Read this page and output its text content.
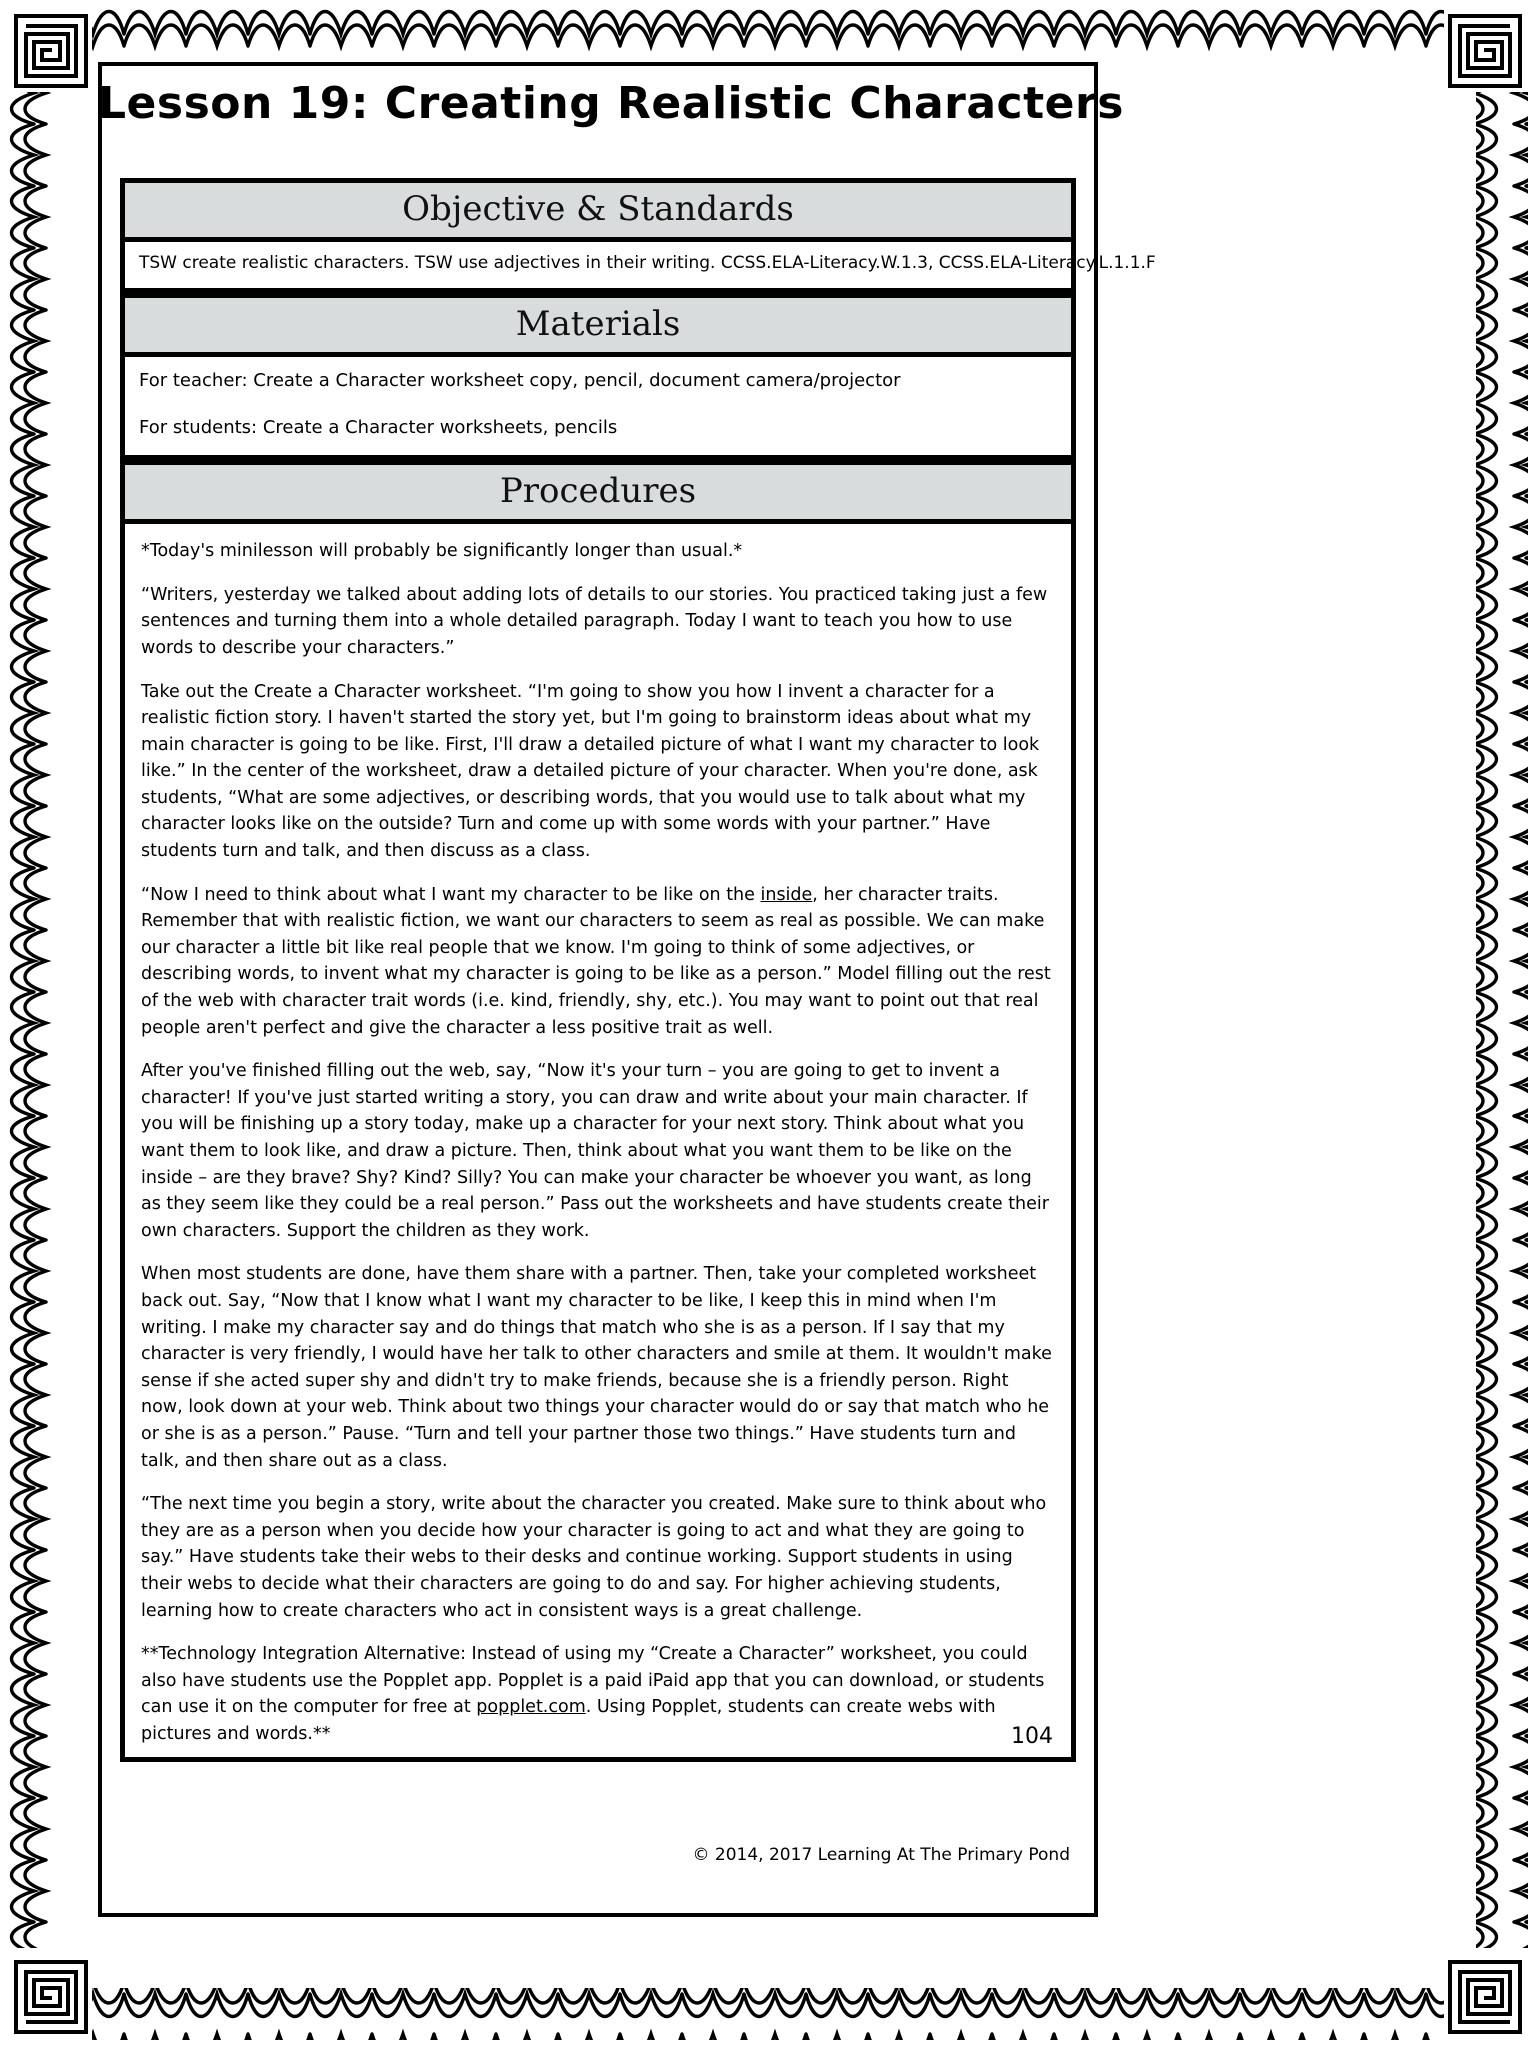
Lesson 19: Creating Realistic Characters
Objective & Standards
TSW create realistic characters. TSW use adjectives in their writing. CCSS.ELA-Literacy.W.1.3, CCSS.ELA-Literacy.L.1.1.F
Materials
For teacher: Create a Character worksheet copy, pencil, document camera/projector
For students: Create a Character worksheets, pencils
Procedures

*Today's minilesson will probably be significantly longer than usual.*

“Writers, yesterday we talked about adding lots of details to our stories. You practiced taking just a few sentences and turning them into a whole detailed paragraph. Today I want to teach you how to use words to describe your characters.”

Take out the Create a Character worksheet. “I'm going to show you how I invent a character for a realistic fiction story. I haven't started the story yet, but I'm going to brainstorm ideas about what my main character is going to be like. First, I'll draw a detailed picture of what I want my character to look like.” In the center of the worksheet, draw a detailed picture of your character. When you're done, ask students, “What are some adjectives, or describing words, that you would use to talk about what my character looks like on the outside? Turn and come up with some words with your partner.” Have students turn and talk, and then discuss as a class.

“Now I need to think about what I want my character to be like on the inside, her character traits. Remember that with realistic fiction, we want our characters to seem as real as possible. We can make our character a little bit like real people that we know. I'm going to think of some adjectives, or describing words, to invent what my character is going to be like as a person.” Model filling out the rest of the web with character trait words (i.e. kind, friendly, shy, etc.). You may want to point out that real people aren't perfect and give the character a less positive trait as well.

After you've finished filling out the web, say, “Now it's your turn – you are going to get to invent a character! If you've just started writing a story, you can draw and write about your main character. If you will be finishing up a story today, make up a character for your next story. Think about what you want them to look like, and draw a picture. Then, think about what you want them to be like on the inside – are they brave? Shy? Kind? Silly? You can make your character be whoever you want, as long as they seem like they could be a real person.” Pass out the worksheets and have students create their own characters. Support the children as they work.

When most students are done, have them share with a partner. Then, take your completed worksheet back out. Say, “Now that I know what I want my character to be like, I keep this in mind when I'm writing. I make my character say and do things that match who she is as a person. If I say that my character is very friendly, I would have her talk to other characters and smile at them. It wouldn't make sense if she acted super shy and didn't try to make friends, because she is a friendly person. Right now, look down at your web. Think about two things your character would do or say that match who he or she is as a person.” Pause. “Turn and tell your partner those two things.” Have students turn and talk, and then share out as a class.

“The next time you begin a story, write about the character you created. Make sure to think about who they are as a person when you decide how your character is going to act and what they are going to say.” Have students take their webs to their desks and continue working. Support students in using their webs to decide what their characters are going to do and say. For higher achieving students, learning how to create characters who act in consistent ways is a great challenge.

**Technology Integration Alternative: Instead of using my “Create a Character” worksheet, you could also have students use the Popplet app. Popplet is a paid iPaid app that you can download, or students can use it on the computer for free at popplet.com. Using Popplet, students can create webs with pictures and words.**	104
© 2014, 2017 Learning At The Primary Pond
